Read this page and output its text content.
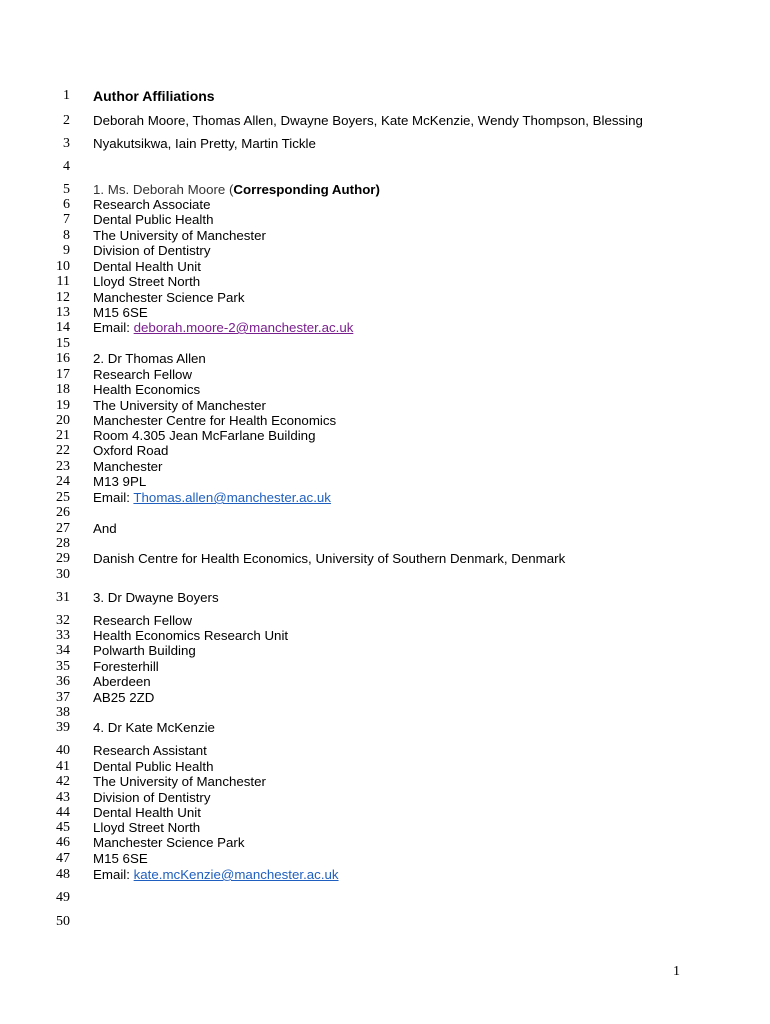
1 Author Affiliations
2 Deborah Moore, Thomas Allen, Dwayne Boyers, Kate McKenzie, Wendy Thompson, Blessing
3 Nyakutsikwa, Iain Pretty, Martin Tickle
4
5 1. Ms. Deborah Moore (Corresponding Author)
6 Research Associate
7 Dental Public Health
8 The University of Manchester
9 Division of Dentistry
10 Dental Health Unit
11 Lloyd Street North
12 Manchester Science Park
13 M15 6SE
14 Email: deborah.moore-2@manchester.ac.uk
15
16 2. Dr Thomas Allen
17 Research Fellow
18 Health Economics
19 The University of Manchester
20 Manchester Centre for Health Economics
21 Room 4.305 Jean McFarlane Building
22 Oxford Road
23 Manchester
24 M13 9PL
25 Email: Thomas.allen@manchester.ac.uk
26
27 And
28
29 Danish Centre for Health Economics, University of Southern Denmark, Denmark
30
31 3. Dr Dwayne Boyers
32 Research Fellow
33 Health Economics Research Unit
34 Polwarth Building
35 Foresterhill
36 Aberdeen
37 AB25 2ZD
38
39 4. Dr Kate McKenzie
40 Research Assistant
41 Dental Public Health
42 The University of Manchester
43 Division of Dentistry
44 Dental Health Unit
45 Lloyd Street North
46 Manchester Science Park
47 M15 6SE
48 Email: kate.mcKenzie@manchester.ac.uk
49
50
1
